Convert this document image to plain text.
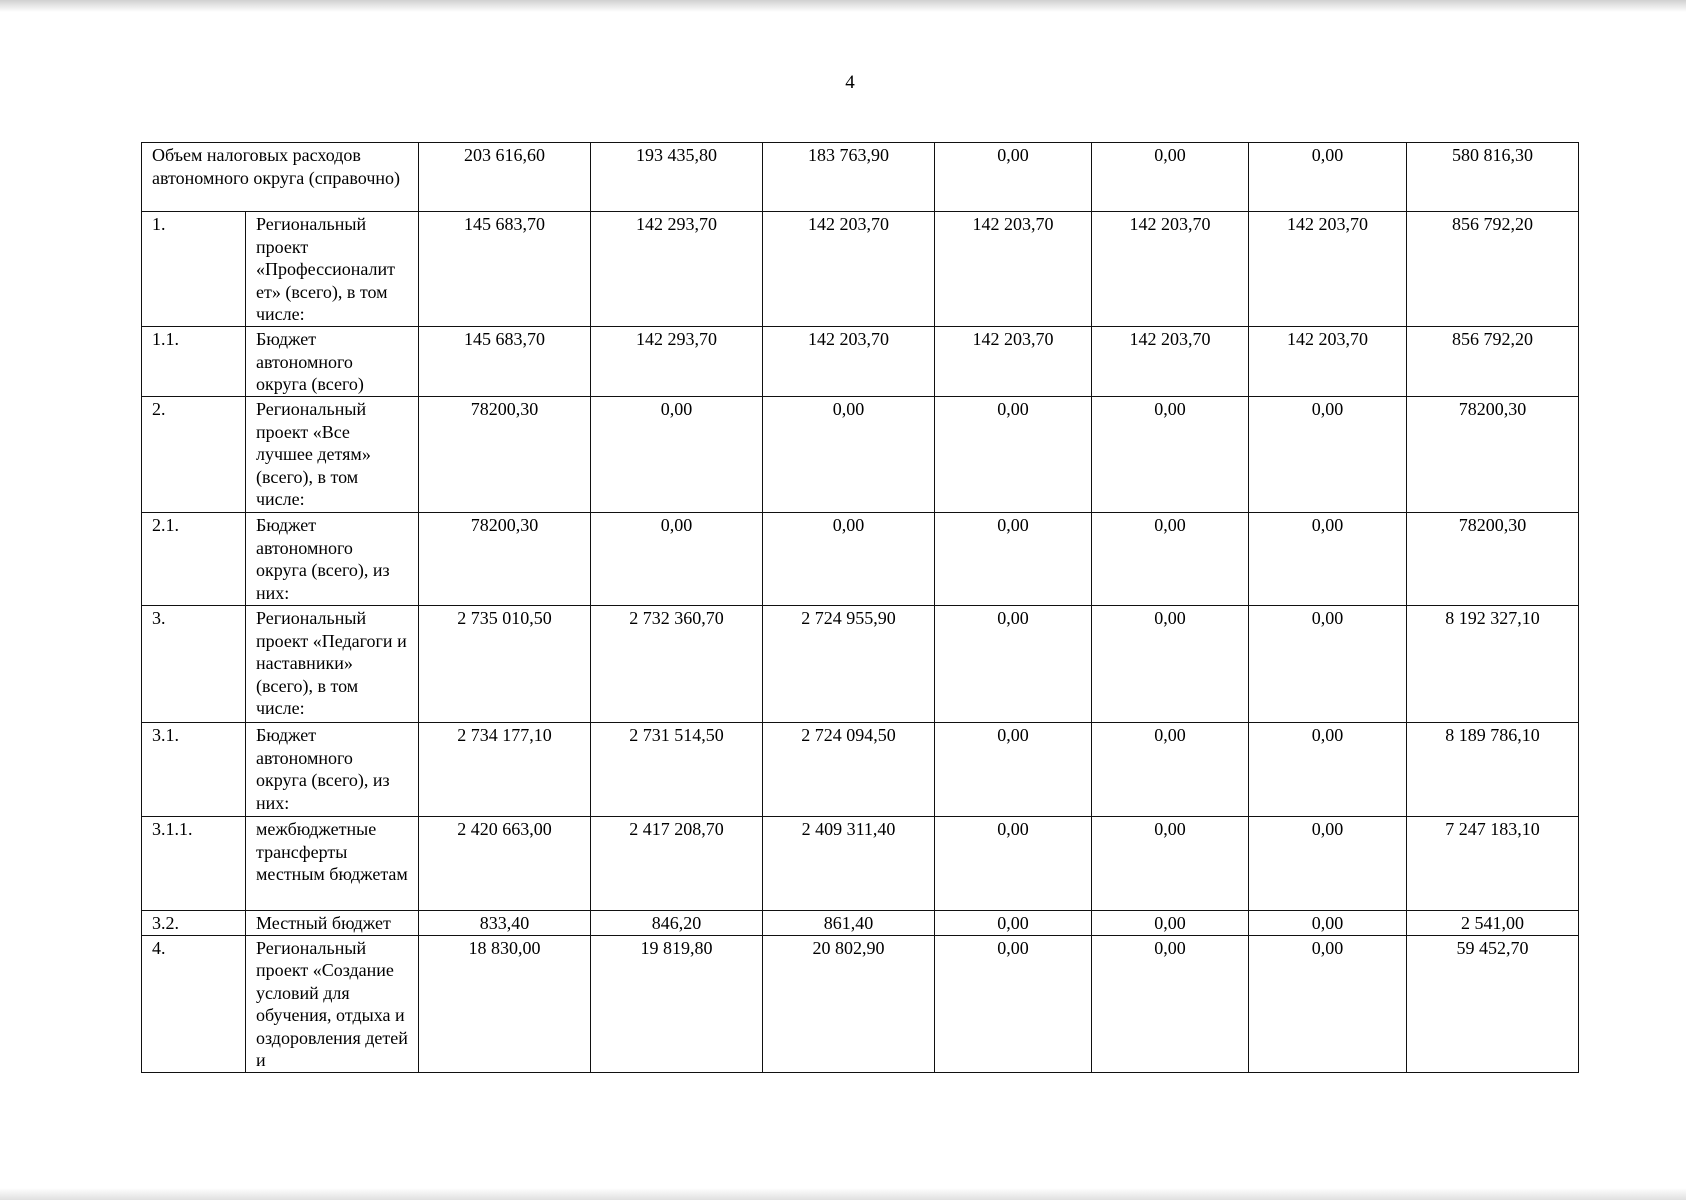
4
Объем налоговых расходов автономного округа (справочно)		203 616,60	193 435,80	183 763,90	0,00	0,00	0,00	580 816,30
1.	Региональный проект «Профессионалит ет» (всего), в том числе:	145 683,70	142 293,70	142 203,70	142 203,70	142 203,70	142 203,70	856 792,20
1.1.	Бюджет автономного округа (всего)	145 683,70	142 293,70	142 203,70	142 203,70	142 203,70	142 203,70	856 792,20
2.	Региональный проект «Все лучшее детям» (всего), в том числе:	78200,30	0,00	0,00	0,00	0,00	0,00	78200,30
2.1.	Бюджет автономного округа (всего), из них:	78200,30	0,00	0,00	0,00	0,00	0,00	78200,30
3.	Региональный проект «Педагоги и наставники» (всего), в том числе:	2 735 010,50	2 732 360,70	2 724 955,90	0,00	0,00	0,00	8 192 327,10
3.1.	Бюджет автономного округа (всего), из них:	2 734 177,10	2 731 514,50	2 724 094,50	0,00	0,00	0,00	8 189 786,10
3.1.1.	межбюджетные трансферты местным бюджетам	2 420 663,00	2 417 208,70	2 409 311,40	0,00	0,00	0,00	7 247 183,10
3.2.	Местный бюджет	833,40	846,20	861,40	0,00	0,00	0,00	2 541,00
4.	Региональный проект «Создание условий для обучения, отдыха и оздоровления детей и	18 830,00	19 819,80	20 802,90	0,00	0,00	0,00	59 452,70
